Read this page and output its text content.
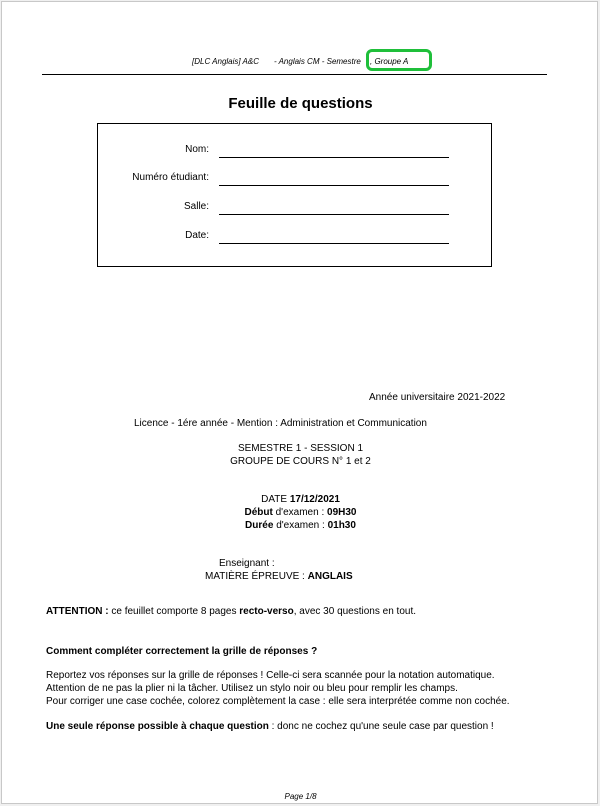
[DLC Anglais] A&C - Anglais CM - Semestre , Groupe A
Feuille de questions
Nom:
Numéro étudiant:
Salle:
Date:
Année universitaire 2021-2022
Licence - 1ére année - Mention : Administration et Communication
SEMESTRE 1 - SESSION 1
GROUPE DE COURS N° 1 et 2
DATE 17/12/2021
Début d'examen : 09H30
Durée d'examen : 01h30
Enseignant :
MATIÈRE ÉPREUVE : ANGLAIS
ATTENTION : ce feuillet comporte 8 pages recto-verso, avec 30 questions en tout.
Comment compléter correctement la grille de réponses ?
Reportez vos réponses sur la grille de réponses ! Celle-ci sera scannée pour la notation automatique.
Attention de ne pas la plier ni la tâcher. Utilisez un stylo noir ou bleu pour remplir les champs.
Pour corriger une case cochée, colorez complètement la case : elle sera interprétée comme non cochée.
Une seule réponse possible à chaque question : donc ne cochez qu'une seule case par question !
Page 1/8
